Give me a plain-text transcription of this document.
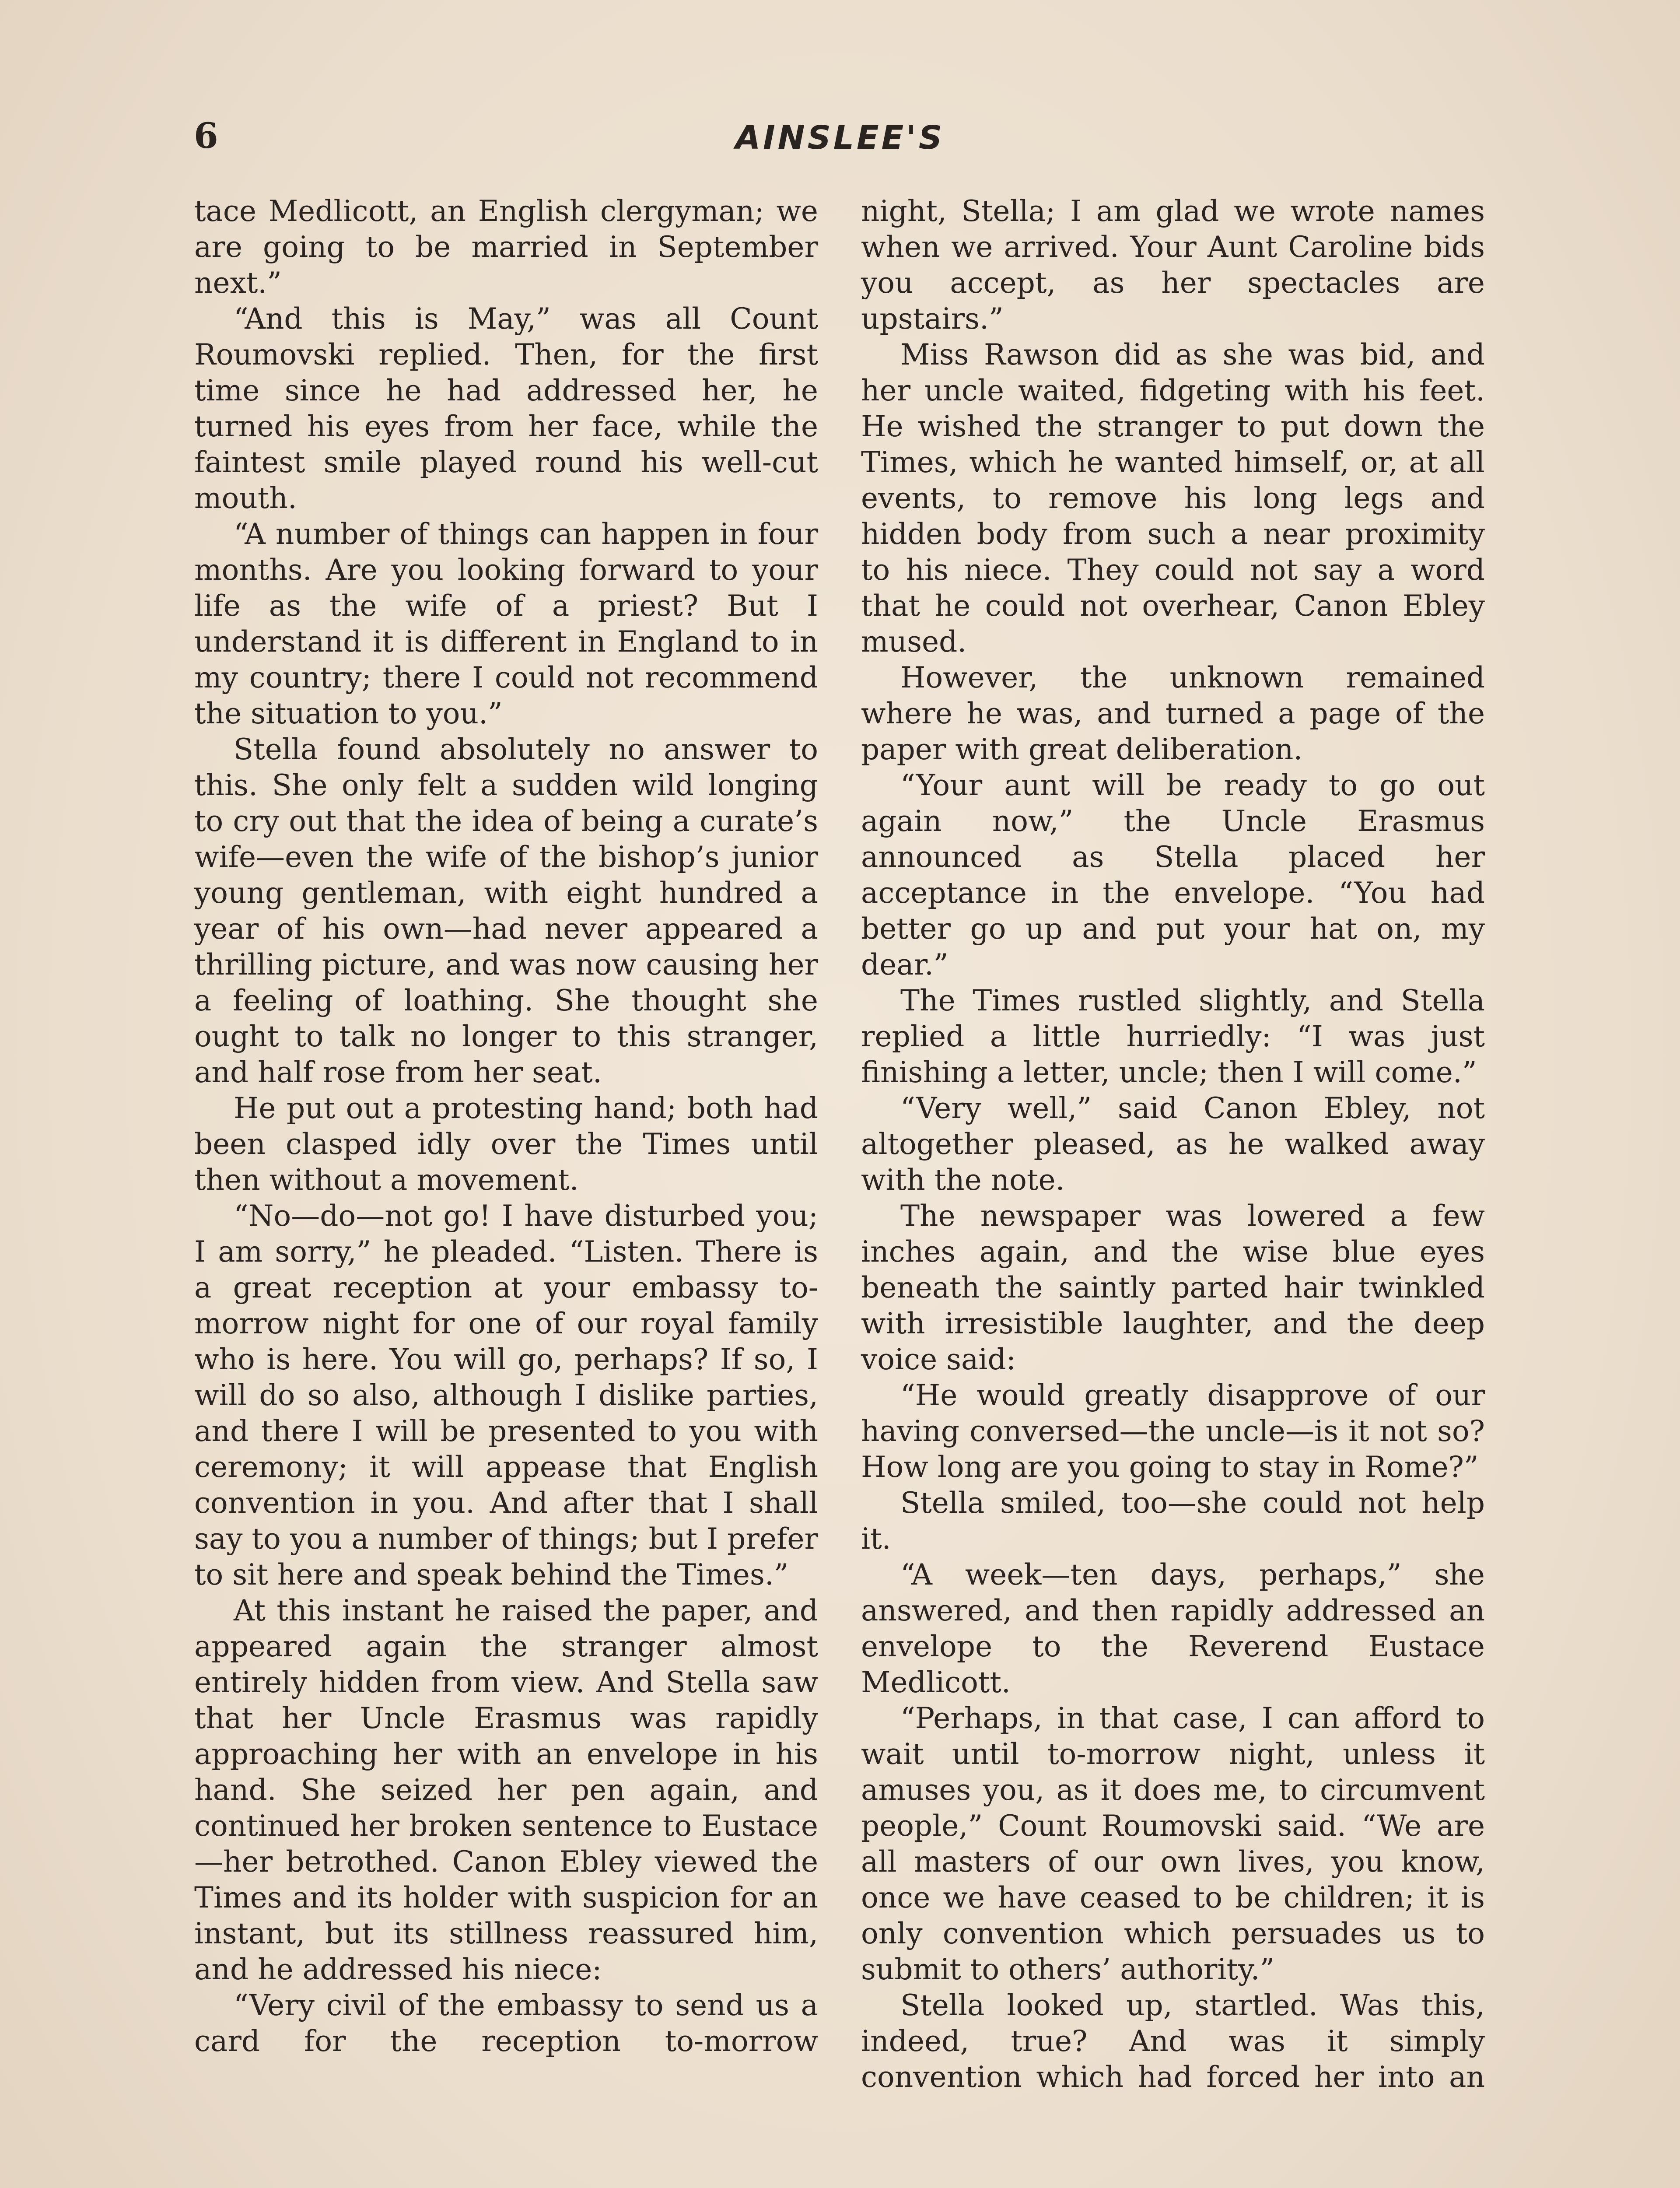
6	AINSLEE'S

tace Medlicott, an English clergyman; we are going to be married in September next.”

“And this is May,” was all Count Roumovski replied. Then, for the first time since he had addressed her, he turned his eyes from her face, while the faintest smile played round his well-cut mouth.

“A number of things can happen in four months. Are you looking forward to your life as the wife of a priest? But I understand it is different in England to in my country; there I could not recommend the situation to you.”

Stella found absolutely no answer to this. She only felt a sudden wild longing to cry out that the idea of being a curate’s wife—even the wife of the bishop’s junior young gentleman, with eight hundred a year of his own—had never appeared a thrilling picture, and was now causing her a feeling of loathing. She thought she ought to talk no longer to this stranger, and half rose from her seat.

He put out a protesting hand; both had been clasped idly over the Times until then without a movement.

“No—do—not go! I have disturbed you; I am sorry,” he pleaded. “Listen. There is a great reception at your embassy to-morrow night for one of our royal family who is here. You will go, perhaps? If so, I will do so also, although I dislike parties, and there I will be presented to you with ceremony; it will appease that English convention in you. And after that I shall say to you a number of things; but I prefer to sit here and speak behind the Times.”

At this instant he raised the paper, and appeared again the stranger almost entirely hidden from view. And Stella saw that her Uncle Erasmus was rapidly approaching her with an envelope in his hand. She seized her pen again, and continued her broken sentence to Eustace—her betrothed. Canon Ebley viewed the Times and its holder with suspicion for an instant, but its stillness reassured him, and he addressed his niece:

“Very civil of the embassy to send us a card for the reception to-morrow

night, Stella; I am glad we wrote names when we arrived. Your Aunt Caroline bids you accept, as her spectacles are upstairs.”

Miss Rawson did as she was bid, and her uncle waited, fidgeting with his feet. He wished the stranger to put down the Times, which he wanted himself, or, at all events, to remove his long legs and hidden body from such a near proximity to his niece. They could not say a word that he could not overhear, Canon Ebley mused.

However, the unknown remained where he was, and turned a page of the paper with great deliberation.

“Your aunt will be ready to go out again now,” the Uncle Erasmus announced as Stella placed her acceptance in the envelope. “You had better go up and put your hat on, my dear.”

The Times rustled slightly, and Stella replied a little hurriedly: “I was just finishing a letter, uncle; then I will come.”

“Very well,” said Canon Ebley, not altogether pleased, as he walked away with the note.

The newspaper was lowered a few inches again, and the wise blue eyes beneath the saintly parted hair twinkled with irresistible laughter, and the deep voice said:

“He would greatly disapprove of our having conversed—the uncle—is it not so? How long are you going to stay in Rome?”

Stella smiled, too—she could not help it.

“A week—ten days, perhaps,” she answered, and then rapidly addressed an envelope to the Reverend Eustace Medlicott.

“Perhaps, in that case, I can afford to wait until to-morrow night, unless it amuses you, as it does me, to circumvent people,” Count Roumovski said. “We are all masters of our own lives, you know, once we have ceased to be children; it is only convention which persuades us to submit to others’ authority.”

Stella looked up, startled. Was this, indeed, true? And was it simply convention which had forced her into an
